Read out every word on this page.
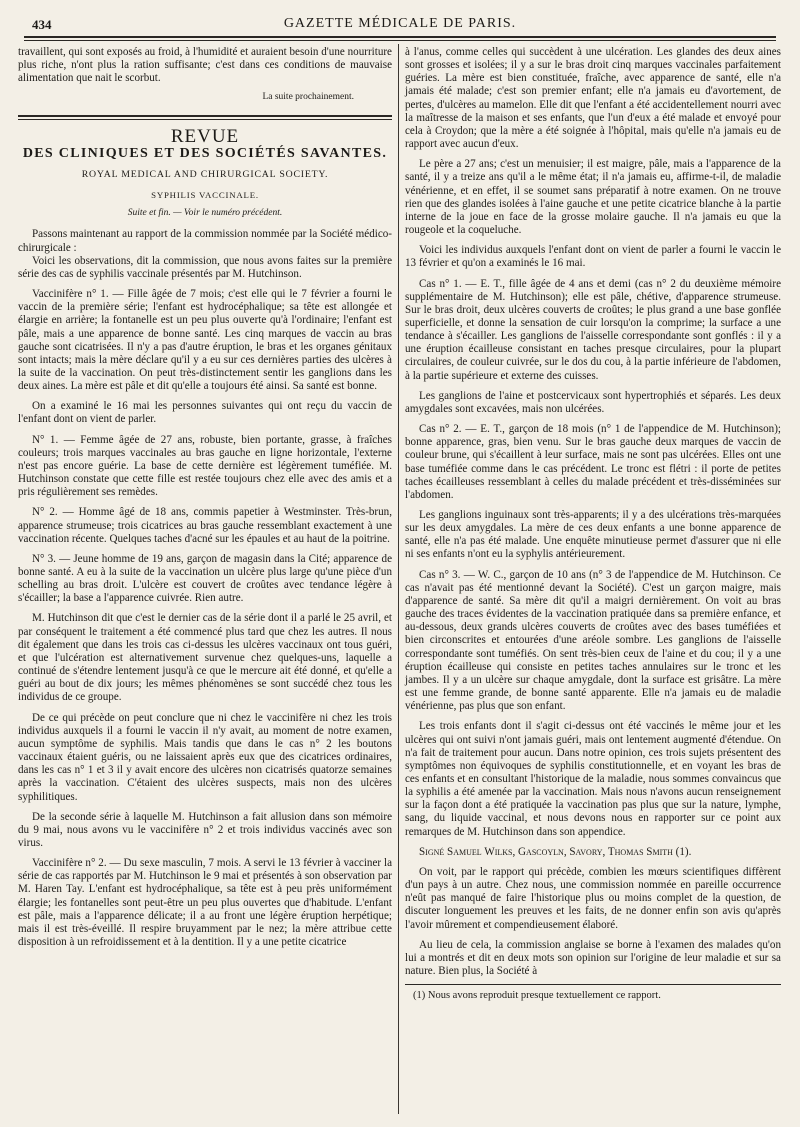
434	GAZETTE MÉDICALE DE PARIS.

travaillent, qui sont exposés au froid, à l'humidité et auraient besoin d'une nourriture plus riche, n'ont plus la ration suffisante; c'est dans ces conditions de mauvaise alimentation que nait le scorbut.

La suite prochainement.

REVUE

DES CLINIQUES ET DES SOCIÉTÉS SAVANTES.

ROYAL MEDICAL AND CHIRURGICAL SOCIETY.

SYPHILIS VACCINALE.

Suite et fin. — Voir le numéro précédent.

Passons maintenant au rapport de la commission nommée par la Société médico-chirurgicale :

Voici les observations, dit la commission, que nous avons faites sur la première série des cas de syphilis vaccinale présentés par M. Hutchinson.

Vaccinifère n° 1. — Fille âgée de 7 mois; c'est elle qui le 7 février a fourni le vaccin de la première série; l'enfant est hydrocéphalique; sa tête est allongée et élargie en arrière; la fontanelle est un peu plus ouverte qu'à l'ordinaire; l'enfant est pâle, mais a une apparence de bonne santé. Les cinq marques de vaccin au bras gauche sont cicatrisées. Il n'y a pas d'autre éruption, le bras et les organes génitaux sont intacts; mais la mère déclare qu'il y a eu sur ces dernières parties des ulcères à la suite de la vaccination. On peut très-distinctement sentir les ganglions dans les deux aines. La mère est pâle et dit qu'elle a toujours été ainsi. Sa santé est bonne.

On a examiné le 16 mai les personnes suivantes qui ont reçu du vaccin de l'enfant dont on vient de parler.

N° 1. — Femme âgée de 27 ans, robuste, bien portante, grasse, à fraîches couleurs; trois marques vaccinales au bras gauche en ligne horizontale, l'externe n'est pas encore guérie. La base de cette dernière est légèrement tuméfiée. M. Hutchinson constate que cette fille est restée toujours chez elle avec des amis et a pris régulièrement ses remèdes.

N° 2. — Homme âgé de 18 ans, commis papetier à Westminster. Très-brun, apparence strumeuse; trois cicatrices au bras gauche ressemblant exactement à une vaccination récente. Quelques taches d'acné sur les épaules et au haut de la poitrine.

N° 3. — Jeune homme de 19 ans, garçon de magasin dans la Cité; apparence de bonne santé. A eu à la suite de la vaccination un ulcère plus large qu'une pièce d'un schelling au bras droit. L'ulcère est couvert de croûtes avec tendance légère à s'écailler; la base a l'apparence cuivrée. Rien autre.

M. Hutchinson dit que c'est le dernier cas de la série dont il a parlé le 25 avril, et par conséquent le traitement a été commencé plus tard que chez les autres. Il nous dit également que dans les trois cas ci-dessus les ulcères vaccinaux ont tous guéri, et que l'ulcération est alternativement survenue chez quelques-uns, laquelle a continué de s'étendre lentement jusqu'à ce que le mercure ait été donné, et qu'elle a guéri au bout de dix jours; les mêmes phénomènes se sont succédé chez tous les individus de ce groupe.

De ce qui précède on peut conclure que ni chez le vaccinifère ni chez les trois individus auxquels il a fourni le vaccin il n'y avait, au moment de notre examen, aucun symptôme de syphilis. Mais tandis que dans le cas n° 2 les boutons vaccinaux étaient guéris, ou ne laissaient après eux que des cicatrices ordinaires, dans les cas n° 1 et 3 il y avait encore des ulcères non cicatrisés quatorze semaines après la vaccination. C'étaient des ulcères suspects, mais non des ulcères syphilitiques.

De la seconde série à laquelle M. Hutchinson a fait allusion dans son mémoire du 9 mai, nous avons vu le vaccinifère n° 2 et trois individus vaccinés avec son virus.

Vaccinifère n° 2. — Du sexe masculin, 7 mois. A servi le 13 février à vacciner la série de cas rapportés par M. Hutchinson le 9 mai et présentés à son observation par M. Haren Tay. L'enfant est hydrocéphalique, sa tête est à peu près uniformément élargie; les fontanelles sont peut-être un peu plus ouvertes que d'habitude. L'enfant est pâle, mais a l'apparence délicate; il a au front une légère éruption herpétique; mais il est très-éveillé. Il respire bruyamment par le nez; la mère attribue cette disposition à un refroidissement et à la dentition. Il y a une petite cicatrice

à l'anus, comme celles qui succèdent à une ulcération. Les glandes des deux aines sont grosses et isolées; il y a sur le bras droit cinq marques vaccinales parfaitement guéries. La mère est bien constituée, fraîche, avec apparence de santé, elle n'a jamais été malade; c'est son premier enfant; elle n'a jamais eu d'avortement, de pertes, d'ulcères au mamelon. Elle dit que l'enfant a été accidentellement nourri avec la maîtresse de la maison et ses enfants, que l'un d'eux a été malade et envoyé pour cela à Croydon; que la mère a été soignée à l'hôpital, mais qu'elle n'a jamais eu de rapport avec aucun d'eux.

Le père a 27 ans; c'est un menuisier; il est maigre, pâle, mais a l'apparence de la santé, il y a treize ans qu'il a le même état; il n'a jamais eu, affirme-t-il, de maladie vénérienne, et en effet, il se soumet sans préparatif à notre examen. On ne trouve rien que des glandes isolées à l'aine gauche et une petite cicatrice blanche à la partie interne de la joue en face de la grosse molaire gauche. Il n'a jamais eu que la rougeole et la coqueluche.

Voici les individus auxquels l'enfant dont on vient de parler a fourni le vaccin le 13 février et qu'on a examinés le 16 mai.

Cas n° 1. — E. T., fille âgée de 4 ans et demi (cas n° 2 du deuxième mémoire supplémentaire de M. Hutchinson); elle est pâle, chétive, d'apparence strumeuse. Sur le bras droit, deux ulcères couverts de croûtes; le plus grand a une base gonflée superficielle, et donne la sensation de cuir lorsqu'on la comprime; la surface a une tendance à s'écailler. Les ganglions de l'aisselle correspondante sont gonflés : il y a une éruption écailleuse consistant en taches presque circulaires, pour la plupart circulaires, de couleur cuivrée, sur le dos du cou, à la partie inférieure de l'abdomen, à la partie supérieure et externe des cuisses.

Les ganglions de l'aine et postcervicaux sont hypertrophiés et séparés. Les deux amygdales sont excavées, mais non ulcérées.

Cas n° 2. — E. T., garçon de 18 mois (n° 1 de l'appendice de M. Hutchinson); bonne apparence, gras, bien venu. Sur le bras gauche deux marques de vaccin de couleur brune, qui s'écaillent à leur surface, mais ne sont pas ulcérées. Elles ont une base tuméfiée comme dans le cas précédent. Le tronc est flétri : il porte de petites taches écailleuses ressemblant à celles du malade précédent et très-disséminées sur l'abdomen.

Les ganglions inguinaux sont très-apparents; il y a des ulcérations très-marquées sur les deux amygdales. La mère de ces deux enfants a une bonne apparence de santé, elle n'a pas été malade. Une enquête minutieuse permet d'assurer que ni elle ni ses enfants n'ont eu la syphylis antérieurement.

Cas n° 3. — W. C., garçon de 10 ans (n° 3 de l'appendice de M. Hutchinson. Ce cas n'avait pas été mentionné devant la Société). C'est un garçon maigre, mais d'apparence de santé. Sa mère dit qu'il a maigri dernièrement. On voit au bras gauche des traces évidentes de la vaccination pratiquée dans sa première enfance, et au-dessous, deux grands ulcères couverts de croûtes avec des bases tuméfiées et bien circonscrites et entourées d'une aréole sombre. Les ganglions de l'aisselle correspondante sont tuméfiés. On sent très-bien ceux de l'aine et du cou; il y a une éruption écailleuse qui consiste en petites taches annulaires sur le tronc et les jambes. Il y a un ulcère sur chaque amygdale, dont la surface est grisâtre. La mère est une femme grande, de bonne santé apparente. Elle n'a jamais eu de maladie vénérienne, pas plus que son enfant.

Les trois enfants dont il s'agit ci-dessus ont été vaccinés le même jour et les ulcères qui ont suivi n'ont jamais guéri, mais ont lentement augmenté d'étendue. On n'a fait de traitement pour aucun. Dans notre opinion, ces trois sujets présentent des symptômes non équivoques de syphilis constitutionnelle, et en voyant les bras de ces enfants et en consultant l'historique de la maladie, nous sommes convaincus que la syphilis a été amenée par la vaccination. Mais nous n'avons aucun renseignement sur la façon dont a été pratiquée la vaccination pas plus que sur la nature, lymphe, sang, du liquide vaccinal, et nous devons nous en rapporter sur ce point aux remarques de M. Hutchinson dans son appendice.

Signé Samuel Wilks, Gascoyln, Savory, Thomas Smith (1).

On voit, par le rapport qui précède, combien les mœurs scientifiques diffèrent d'un pays à un autre. Chez nous, une commission nommée en pareille occurrence n'eût pas manqué de faire l'historique plus ou moins complet de la question, de discuter longuement les preuves et les faits, de ne donner enfin son avis qu'après l'avoir mûrement et compendieusement élaboré.

Au lieu de cela, la commission anglaise se borne à l'examen des malades qu'on lui a montrés et dit en deux mots son opinion sur l'origine de leur maladie et sur sa nature. Bien plus, la Société à

(1) Nous avons reproduit presque textuellement ce rapport.
